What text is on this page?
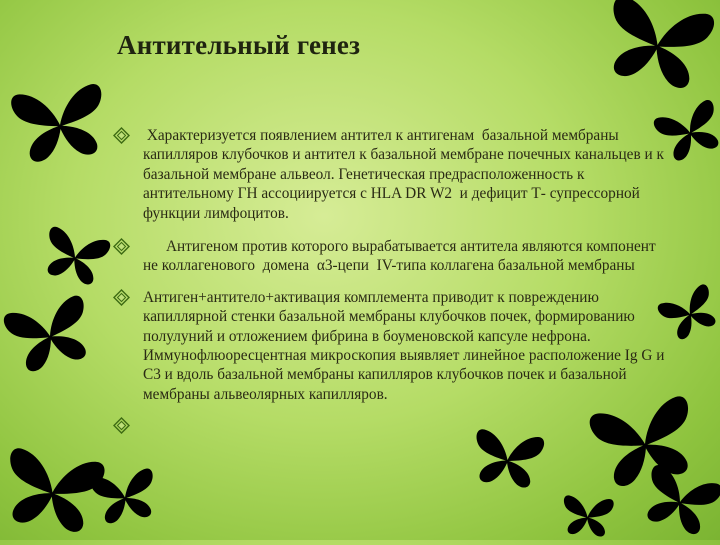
Антительный генез
Характеризуется появлением антител к антигенам  базальной мембраны капилляров клубочков и антител к базальной мембране почечных канальцев и к базальной мембране альвеол. Генетическая предрасположенность к антительному ГН ассоциируется с HLA DR W2  и дефицит Т- супрессорной функции лимфоцитов.
Антигеном против которого вырабатывается антитела являются компонент не коллагенового  домена  α3-цепи  IV-типа коллагена базальной мембраны
Антиген+антитело+активация комплемента приводит к повреждению капиллярной стенки базальной мембраны клубочков почек, формированию полулуний и отложением фибрина в боуменовской капсуле нефрона. Иммунофлюоресцентная микроскопия выявляет линейное расположение Ig G и С3 и вдоль базальной мембраны капилляров клубочков почек и базальной мембраны альвеолярных капилляров.
